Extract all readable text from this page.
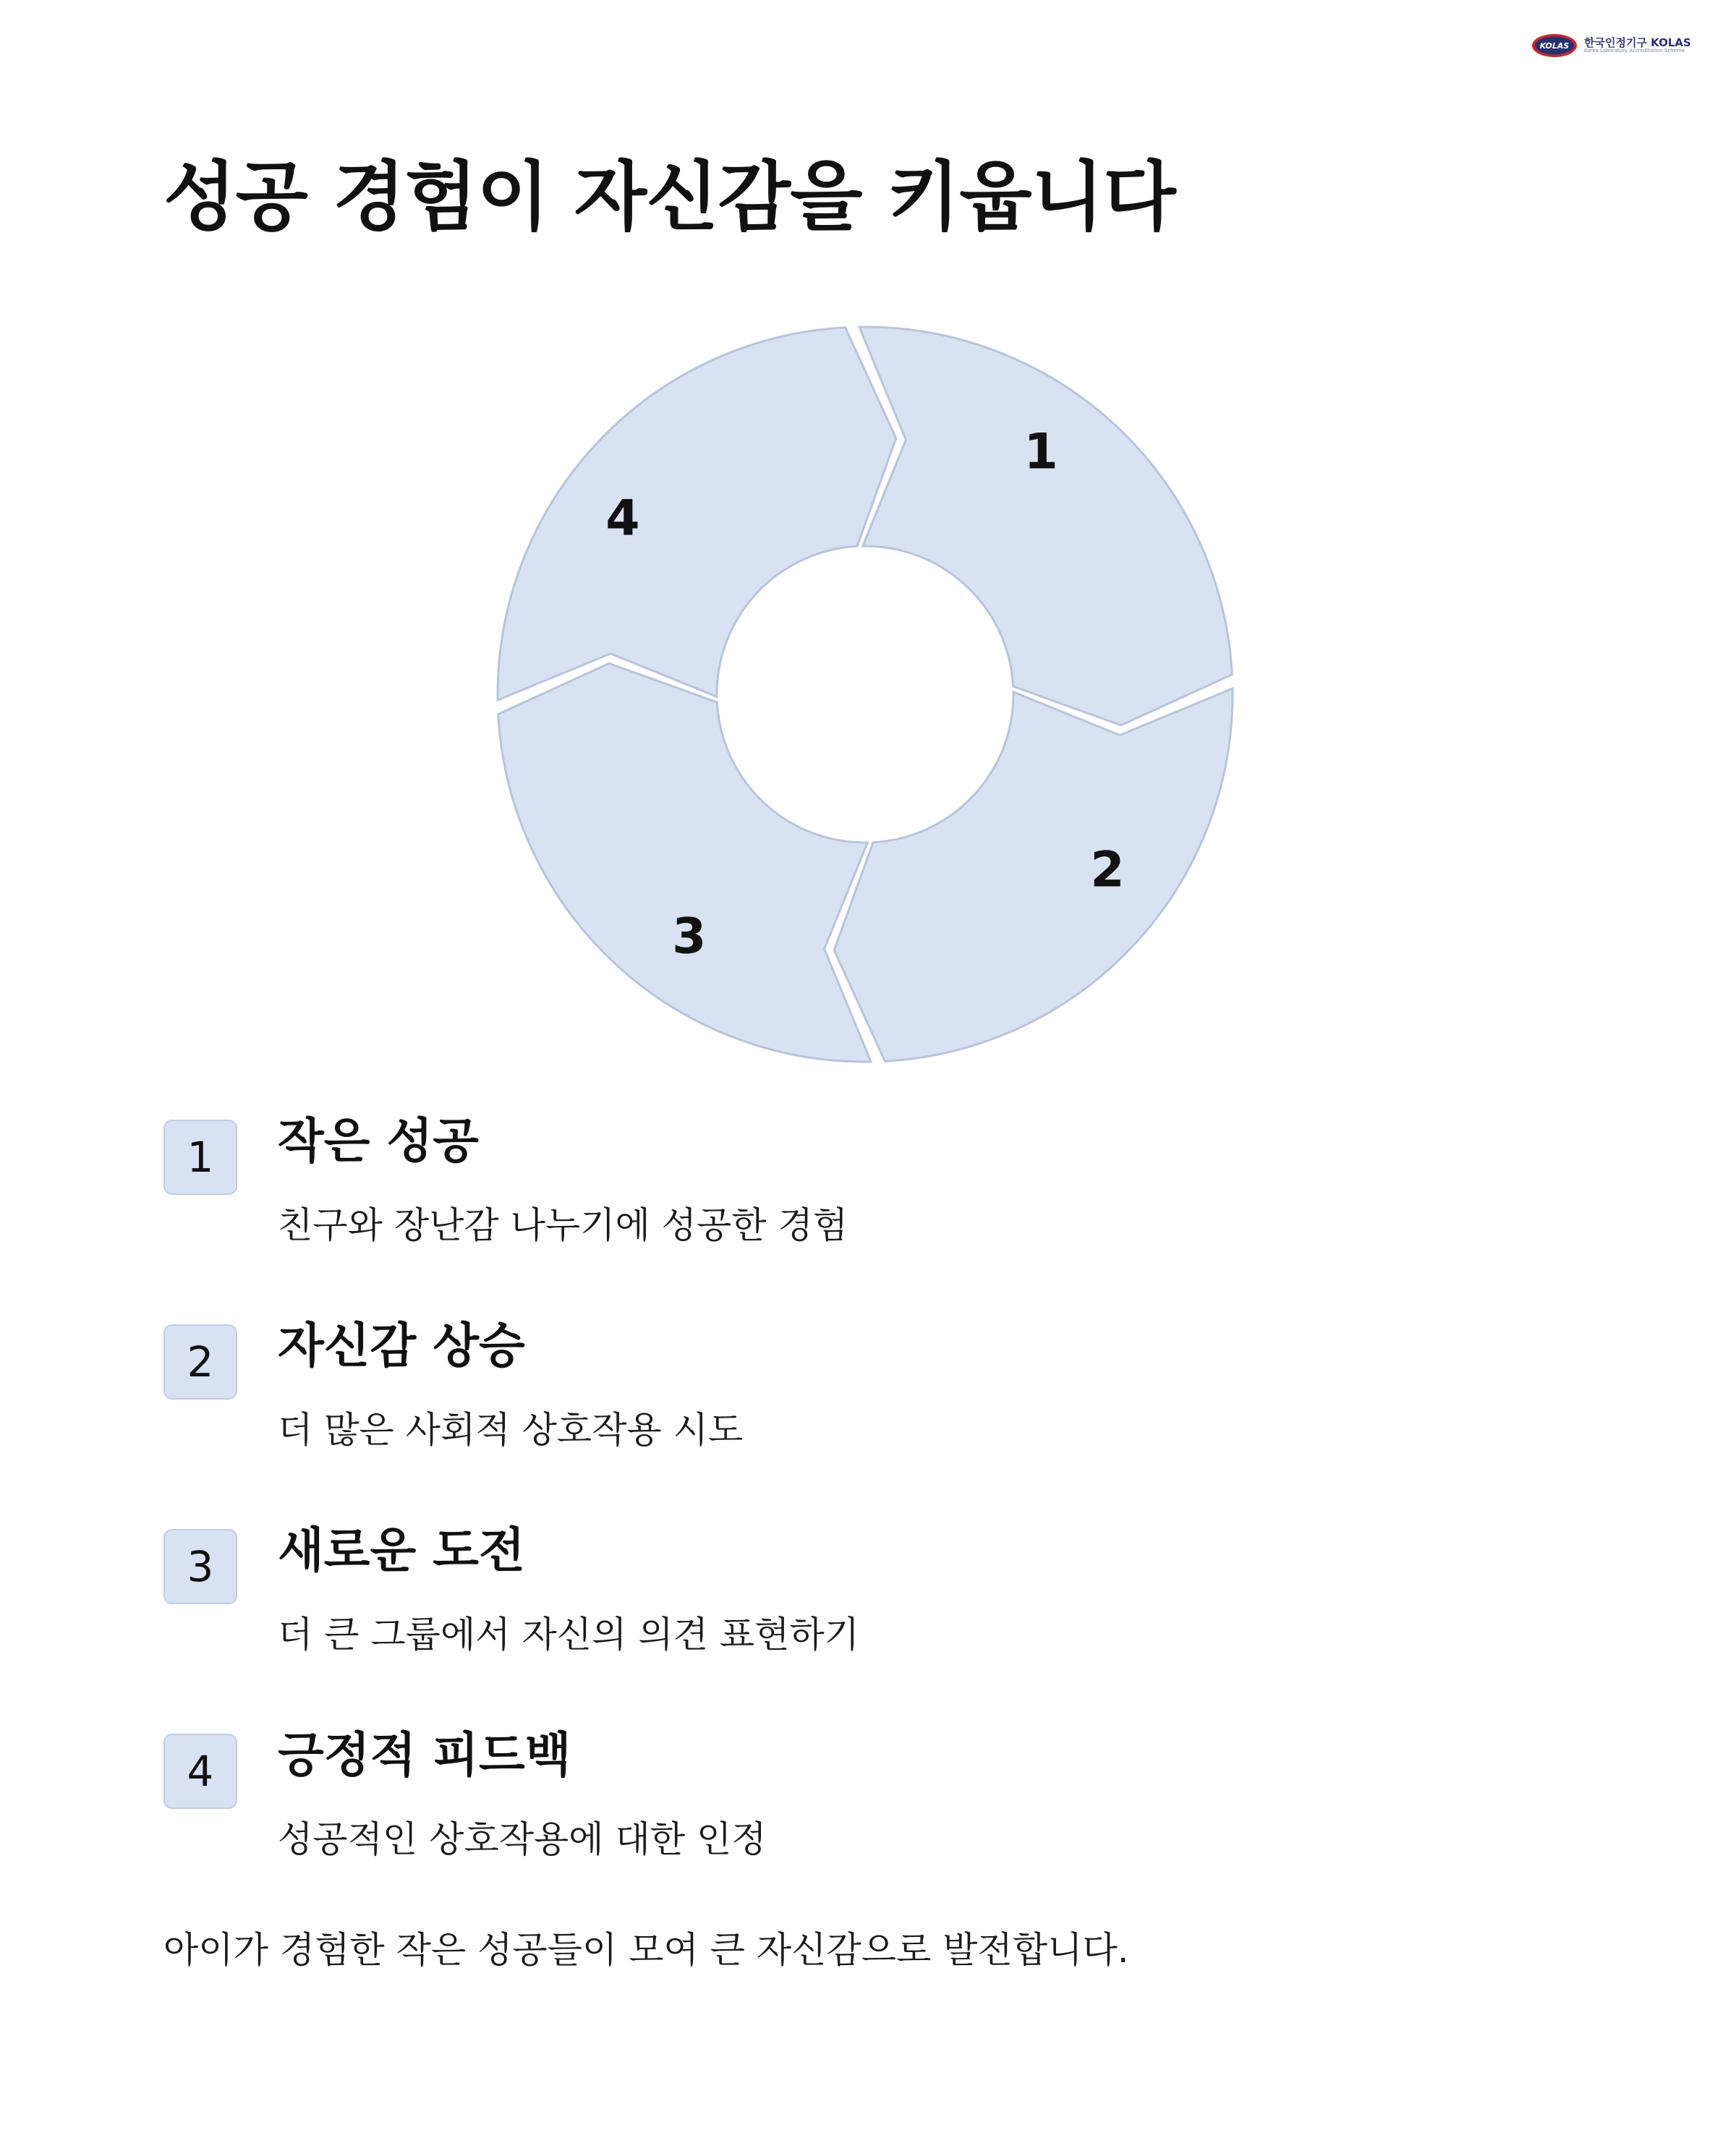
KOLAS 한국인정기구 KOLAS
Korea Laboratory Accreditation Scheme
성공 경험이 자신감을 키웁니다
1
2
3
4
1	작은 성공
친구와 장난감 나누기에 성공한 경험
2	자신감 상승
더 많은 사회적 상호작용 시도
3	새로운 도전
더 큰 그룹에서 자신의 의견 표현하기
4	긍정적 피드백
성공적인 상호작용에 대한 인정
아이가 경험한 작은 성공들이 모여 큰 자신감으로 발전합니다.
